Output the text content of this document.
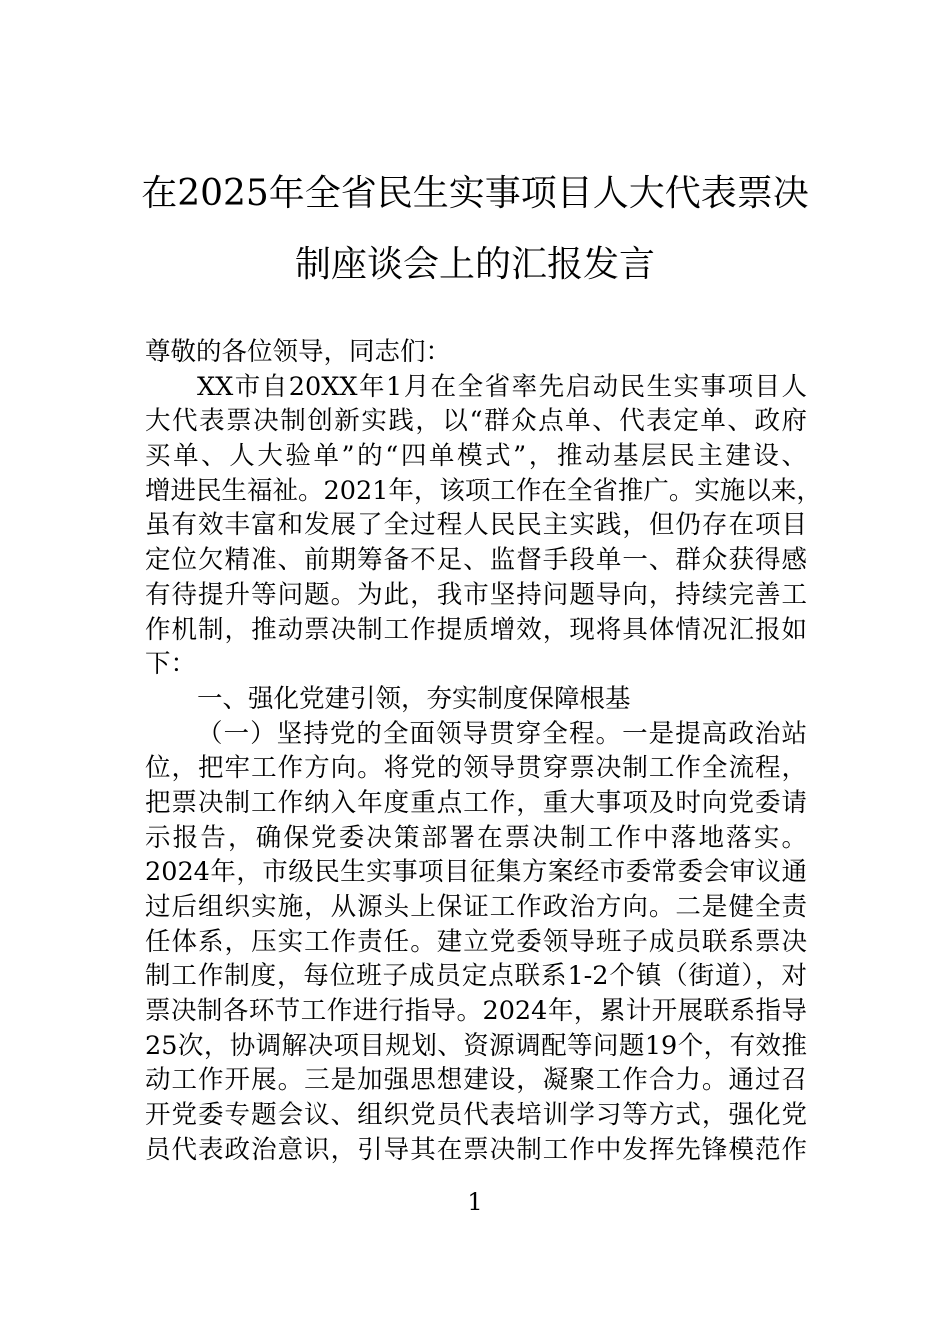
在2025年全省民生实事项目人大代表票决
制座谈会上的汇报发言
尊敬的各位领导，同志们：
XX市自20XX年1月在全省率先启动民生实事项目人
大代表票决制创新实践，以“群众点单、代表定单、政府
买单、人大验单”的“四单模式”，推动基层民主建设、
增进民生福祉。2021年，该项工作在全省推广。实施以来，
虽有效丰富和发展了全过程人民民主实践，但仍存在项目
定位欠精准、前期筹备不足、监督手段单一、群众获得感
有待提升等问题。为此，我市坚持问题导向，持续完善工
作机制，推动票决制工作提质增效，现将具体情况汇报如
下：
一、强化党建引领，夯实制度保障根基
（一）坚持党的全面领导贯穿全程。一是提高政治站
位，把牢工作方向。将党的领导贯穿票决制工作全流程，
把票决制工作纳入年度重点工作，重大事项及时向党委请
示报告，确保党委决策部署在票决制工作中落地落实。
2024年，市级民生实事项目征集方案经市委常委会审议通
过后组织实施，从源头上保证工作政治方向。二是健全责
任体系，压实工作责任。建立党委领导班子成员联系票决
制工作制度，每位班子成员定点联系1-2个镇（街道），对
票决制各环节工作进行指导。2024年，累计开展联系指导
25次，协调解决项目规划、资源调配等问题19个，有效推
动工作开展。三是加强思想建设，凝聚工作合力。通过召
开党委专题会议、组织党员代表培训学习等方式，强化党
员代表政治意识，引导其在票决制工作中发挥先锋模范作
1
